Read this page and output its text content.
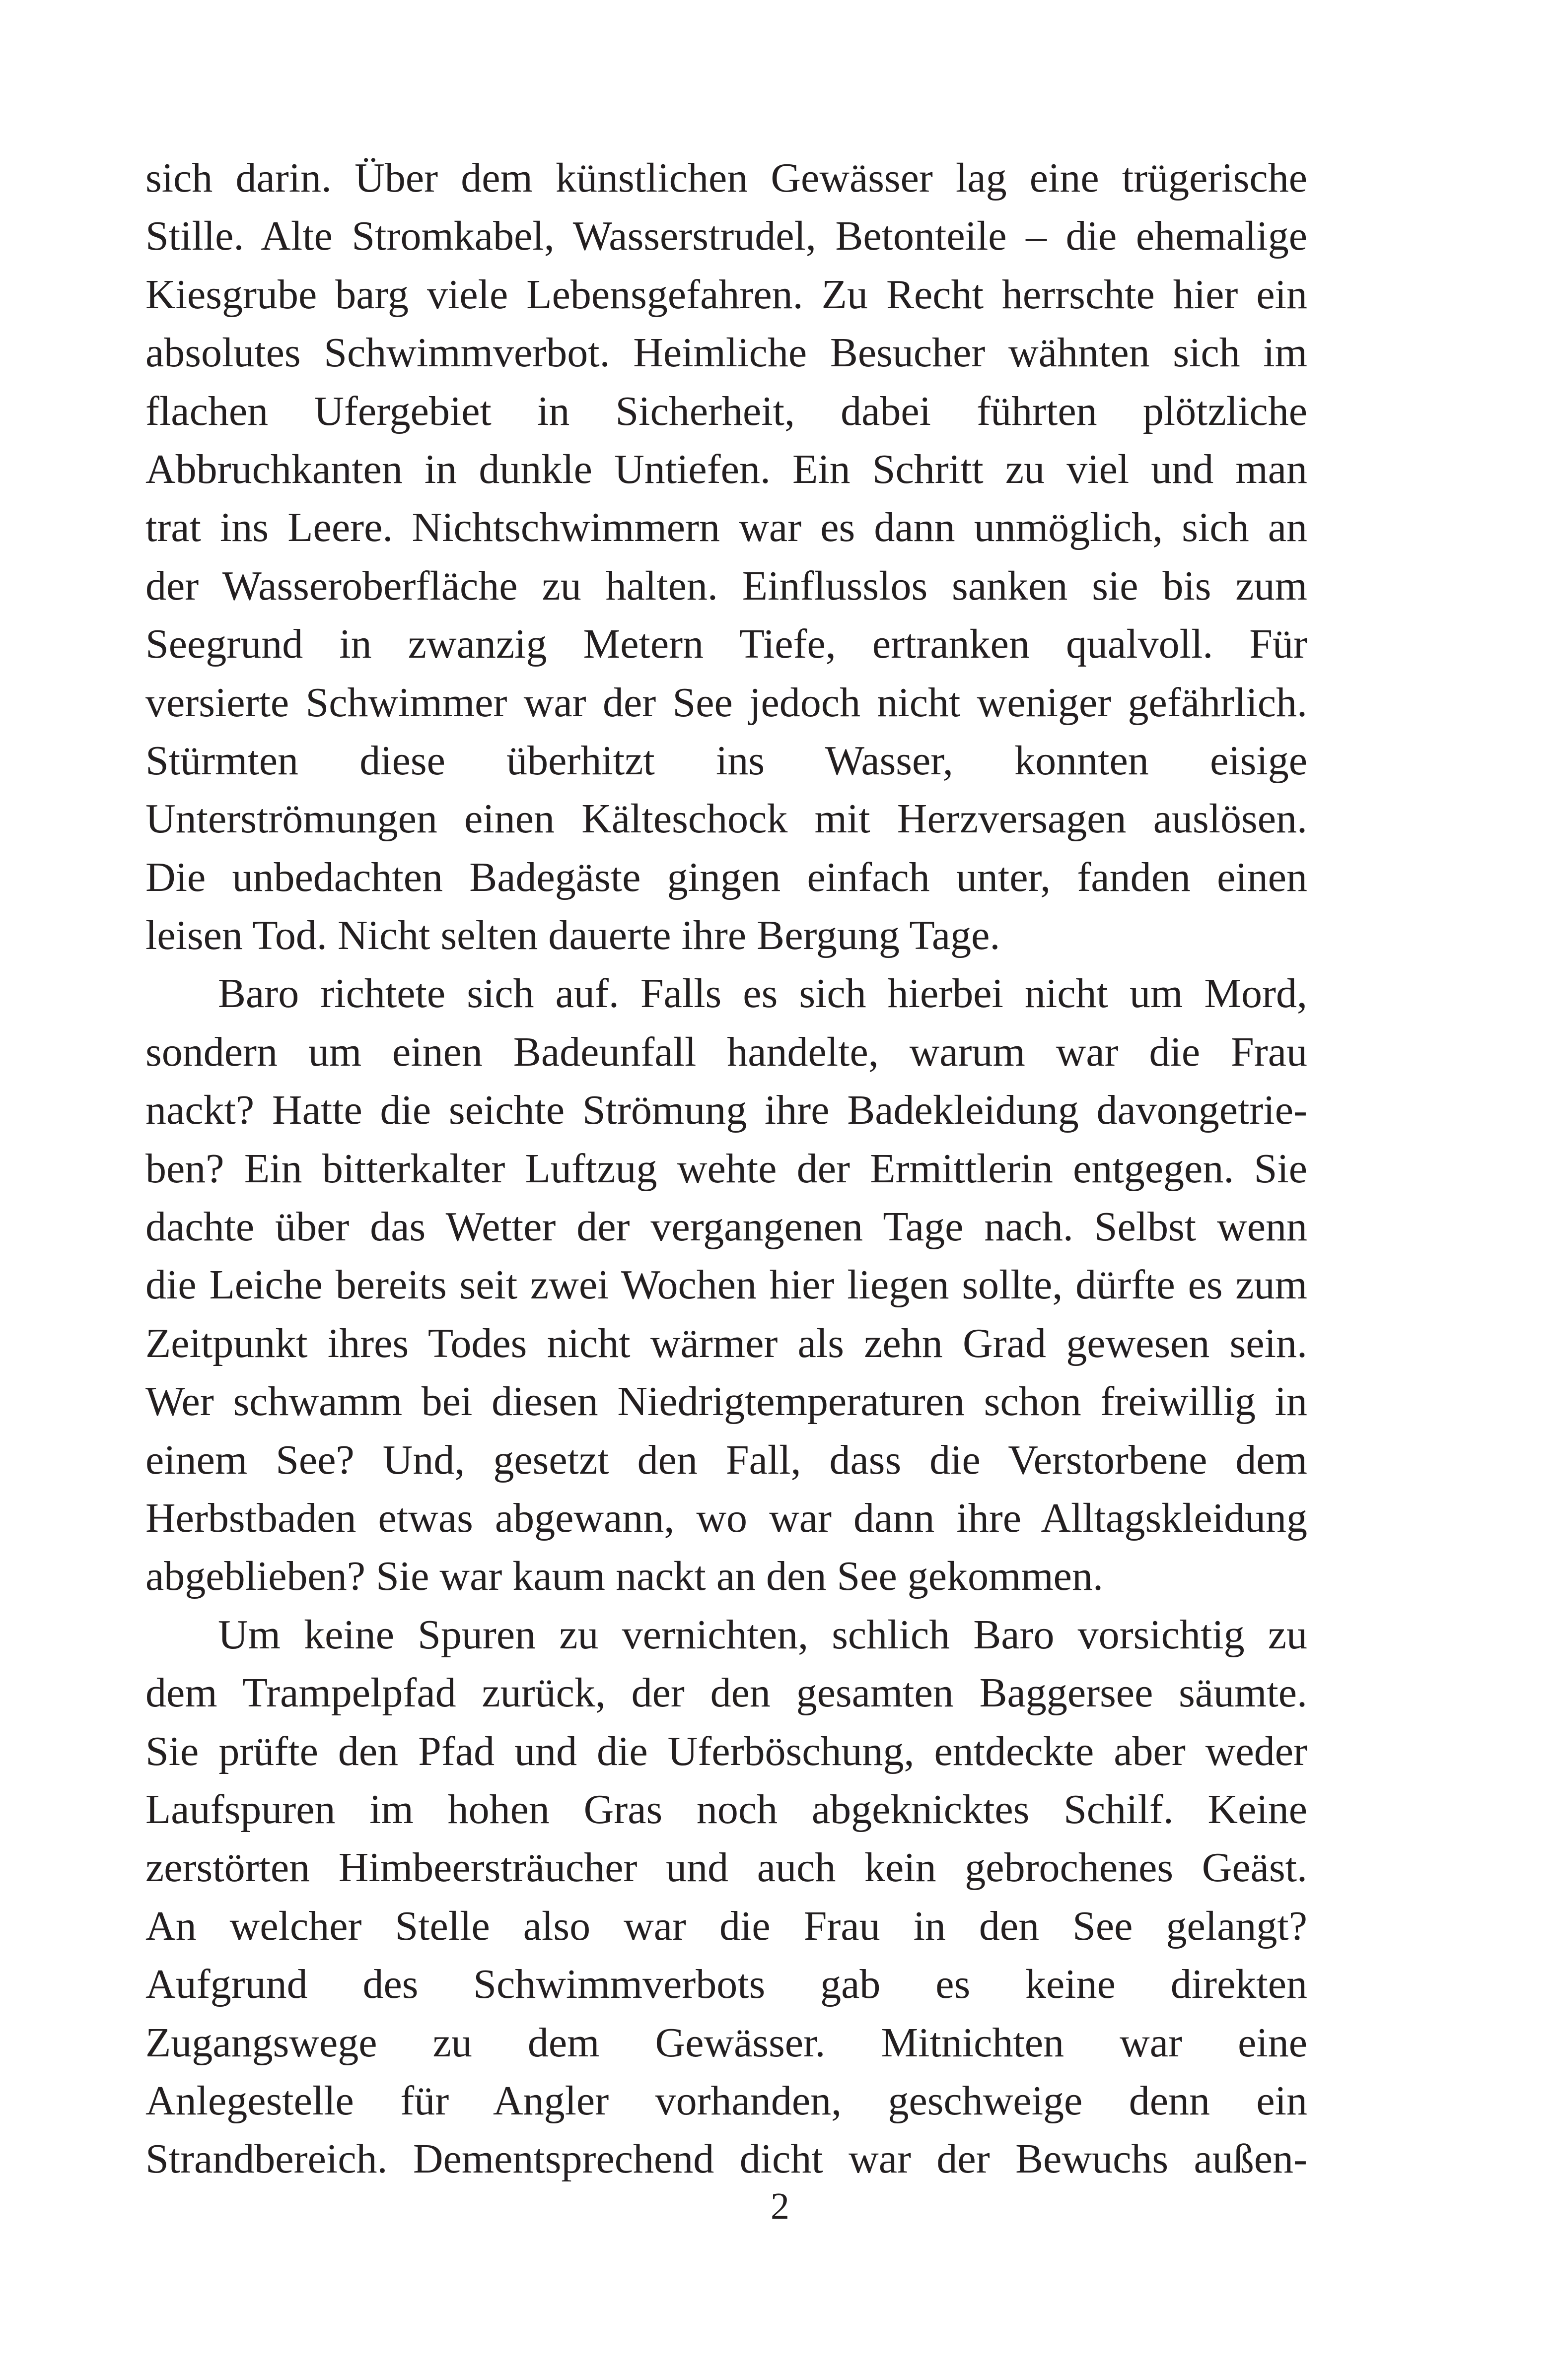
sich darin. Über dem künstlichen Gewässer lag eine trügerische
Stille. Alte Stromkabel, Wasserstrudel, Betonteile – die ehemalige
Kiesgrube barg viele Lebensgefahren. Zu Recht herrschte hier ein
absolutes Schwimmverbot. Heimliche Besucher wähnten sich im
flachen Ufergebiet in Sicherheit, dabei führten plötzliche
Abbruchkanten in dunkle Untiefen. Ein Schritt zu viel und man
trat ins Leere. Nichtschwimmern war es dann unmöglich, sich an
der Wasseroberfläche zu halten. Einflusslos sanken sie bis zum
Seegrund in zwanzig Metern Tiefe, ertranken qualvoll. Für
versierte Schwimmer war der See jedoch nicht weniger gefährlich.
Stürmten diese überhitzt ins Wasser, konnten eisige
Unterströmungen einen Kälteschock mit Herzversagen auslösen.
Die unbedachten Badegäste gingen einfach unter, fanden einen
leisen Tod. Nicht selten dauerte ihre Bergung Tage.
Baro richtete sich auf. Falls es sich hierbei nicht um Mord,
sondern um einen Badeunfall handelte, warum war die Frau
nackt? Hatte die seichte Strömung ihre Badekleidung davongetrie-
ben? Ein bitterkalter Luftzug wehte der Ermittlerin entgegen. Sie
dachte über das Wetter der vergangenen Tage nach. Selbst wenn
die Leiche bereits seit zwei Wochen hier liegen sollte, dürfte es zum
Zeitpunkt ihres Todes nicht wärmer als zehn Grad gewesen sein.
Wer schwamm bei diesen Niedrigtemperaturen schon freiwillig in
einem See? Und, gesetzt den Fall, dass die Verstorbene dem
Herbstbaden etwas abgewann, wo war dann ihre Alltagskleidung
abgeblieben? Sie war kaum nackt an den See gekommen.
Um keine Spuren zu vernichten, schlich Baro vorsichtig zu
dem Trampelpfad zurück, der den gesamten Baggersee säumte.
Sie prüfte den Pfad und die Uferböschung, entdeckte aber weder
Laufspuren im hohen Gras noch abgeknicktes Schilf. Keine
zerstörten Himbeersträucher und auch kein gebrochenes Geäst.
An welcher Stelle also war die Frau in den See gelangt?
Aufgrund des Schwimmverbots gab es keine direkten
Zugangswege zu dem Gewässer. Mitnichten war eine
Anlegestelle für Angler vorhanden, geschweige denn ein
Strandbereich. Dementsprechend dicht war der Bewuchs außen-
2
